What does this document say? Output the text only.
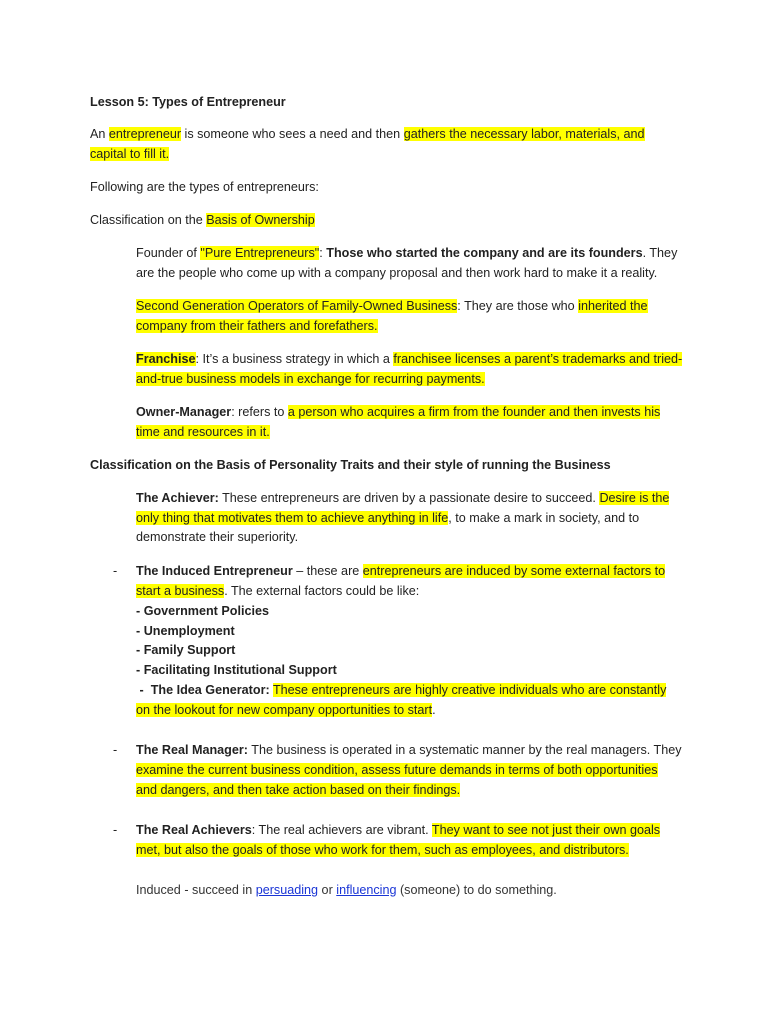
Lesson 5: Types of Entrepreneur
An entrepreneur is someone who sees a need and then gathers the necessary labor, materials, and
capital to fill it.
Following are the types of entrepreneurs:
Classification on the Basis of Ownership
Founder of "Pure Entrepreneurs": Those who started the company and are its founders. They
are the people who come up with a company proposal and then work hard to make it a reality.
Second Generation Operators of Family-Owned Business: They are those who inherited the
company from their fathers and forefathers.
Franchise: It’s a business strategy in which a franchisee licenses a parent’s trademarks and tried-
and-true business models in exchange for recurring payments.
Owner-Manager: refers to a person who acquires a firm from the founder and then invests his
time and resources in it.
Classification on the Basis of Personality Traits and their style of running the Business
The Achiever: These entrepreneurs are driven by a passionate desire to succeed. Desire is the
only thing that motivates them to achieve anything in life, to make a mark in society, and to
demonstrate their superiority.
- The Induced Entrepreneur – these are entrepreneurs are induced by some external factors to
start a business. The external factors could be like:
- Government Policies
- Unemployment
- Family Support
- Facilitating Institutional Support
-  The Idea Generator: These entrepreneurs are highly creative individuals who are constantly
on the lookout for new company opportunities to start.
- The Real Manager: The business is operated in a systematic manner by the real managers. They
examine the current business condition, assess future demands in terms of both opportunities
and dangers, and then take action based on their findings.
- The Real Achievers: The real achievers are vibrant. They want to see not just their own goals
met, but also the goals of those who work for them, such as employees, and distributors.
Induced - succeed in persuading or influencing (someone) to do something.
